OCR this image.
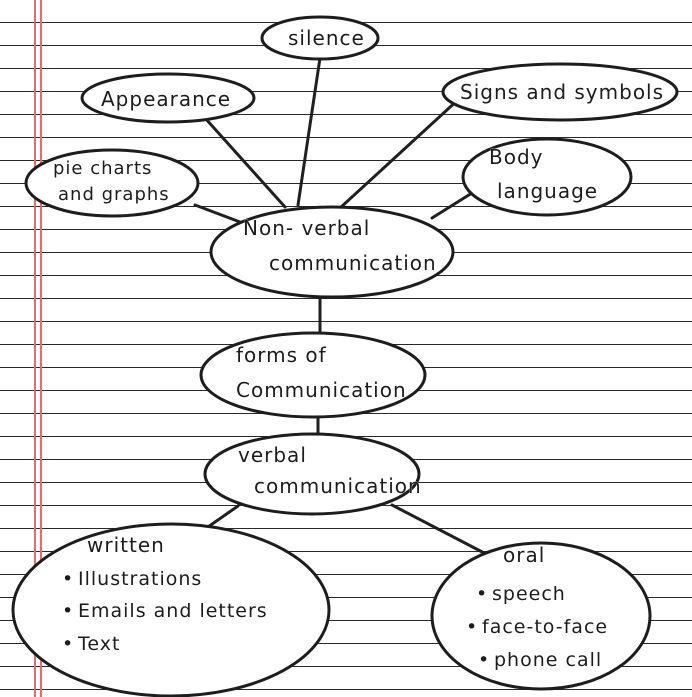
silence
Appearance	Signs and symbols
pie charts
and graphs
Body
language
Non- verbal
communication
forms of
Communication
verbal
communication
written
• Illustrations
• Emails and letters
• Text
oral
• speech
• face-to-face
• phone call
